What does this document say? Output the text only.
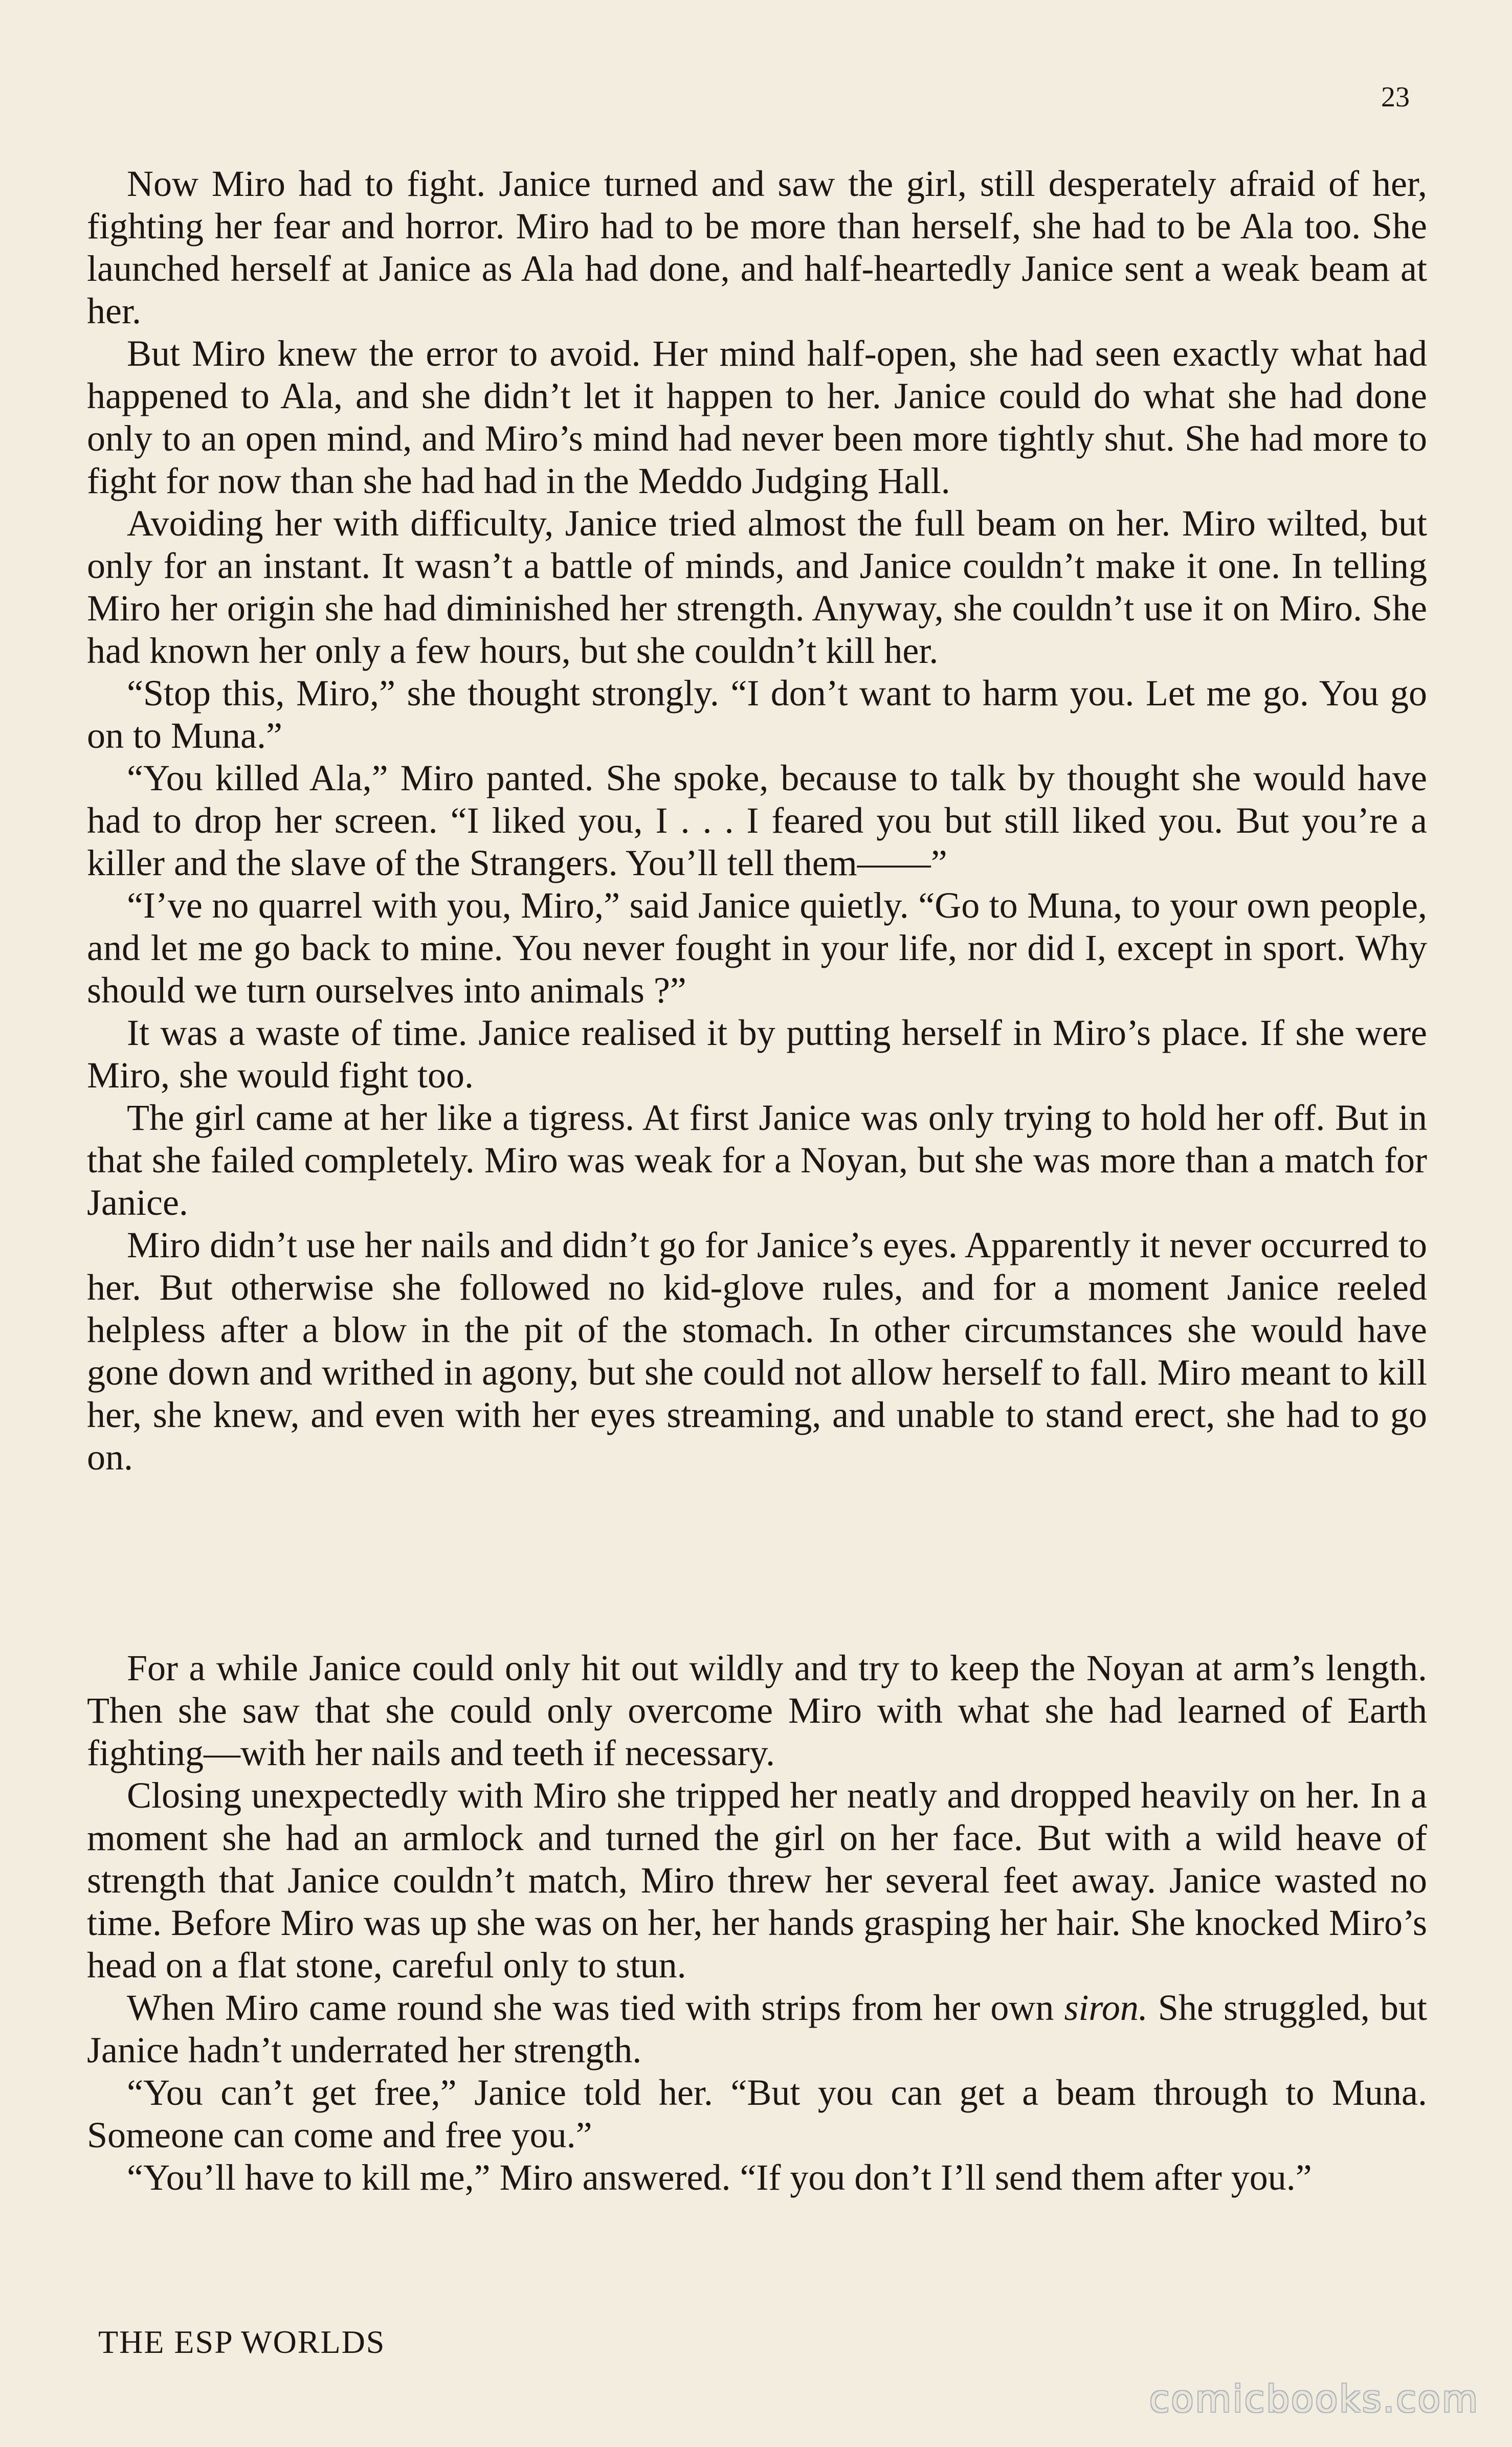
23

Now Miro had to fight. Janice turned and saw the girl, still desperately afraid of her, fighting her fear and horror. Miro had to be more than herself, she had to be Ala too. She launched herself at Janice as Ala had done, and half-heartedly Janice sent a weak beam at her.

But Miro knew the error to avoid. Her mind half-open, she had seen exactly what had happened to Ala, and she didn’t let it happen to her. Janice could do what she had done only to an open mind, and Miro’s mind had never been more tightly shut. She had more to fight for now than she had had in the Meddo Judging Hall.

Avoiding her with difficulty, Janice tried almost the full beam on her. Miro wilted, but only for an instant. It wasn’t a battle of minds, and Janice couldn’t make it one. In telling Miro her origin she had diminished her strength. Anyway, she couldn’t use it on Miro. She had known her only a few hours, but she couldn’t kill her.

“Stop this, Miro,” she thought strongly. “I don’t want to harm you. Let me go. You go on to Muna.”

“You killed Ala,” Miro panted. She spoke, because to talk by thought she would have had to drop her screen. “I liked you, I . . . I feared you but still liked you. But you’re a killer and the slave of the Strangers. You’ll tell them——”

“I’ve no quarrel with you, Miro,” said Janice quietly. “Go to Muna, to your own people, and let me go back to mine. You never fought in your life, nor did I, except in sport. Why should we turn ourselves into animals ?”

It was a waste of time. Janice realised it by putting herself in Miro’s place. If she were Miro, she would fight too.

The girl came at her like a tigress. At first Janice was only trying to hold her off. But in that she failed completely. Miro was weak for a Noyan, but she was more than a match for Janice.

Miro didn’t use her nails and didn’t go for Janice’s eyes. Apparently it never occurred to her. But otherwise she followed no kid-glove rules, and for a moment Janice reeled helpless after a blow in the pit of the stomach. In other circumstances she would have gone down and writhed in agony, but she could not allow herself to fall. Miro meant to kill her, she knew, and even with her eyes streaming, and unable to stand erect, she had to go on.

For a while Janice could only hit out wildly and try to keep the Noyan at arm’s length. Then she saw that she could only overcome Miro with what she had learned of Earth fighting—with her nails and teeth if necessary.

Closing unexpectedly with Miro she tripped her neatly and dropped heavily on her. In a moment she had an armlock and turned the girl on her face. But with a wild heave of strength that Janice couldn’t match, Miro threw her several feet away. Janice wasted no time. Before Miro was up she was on her, her hands grasping her hair. She knocked Miro’s head on a flat stone, careful only to stun.

When Miro came round she was tied with strips from her own siron. She struggled, but Janice hadn’t underrated her strength.

“You can’t get free,” Janice told her. “But you can get a beam through to Muna. Someone can come and free you.”

“You’ll have to kill me,” Miro answered. “If you don’t I’ll send them after you.”

THE ESP WORLDS
comicbooks.com
